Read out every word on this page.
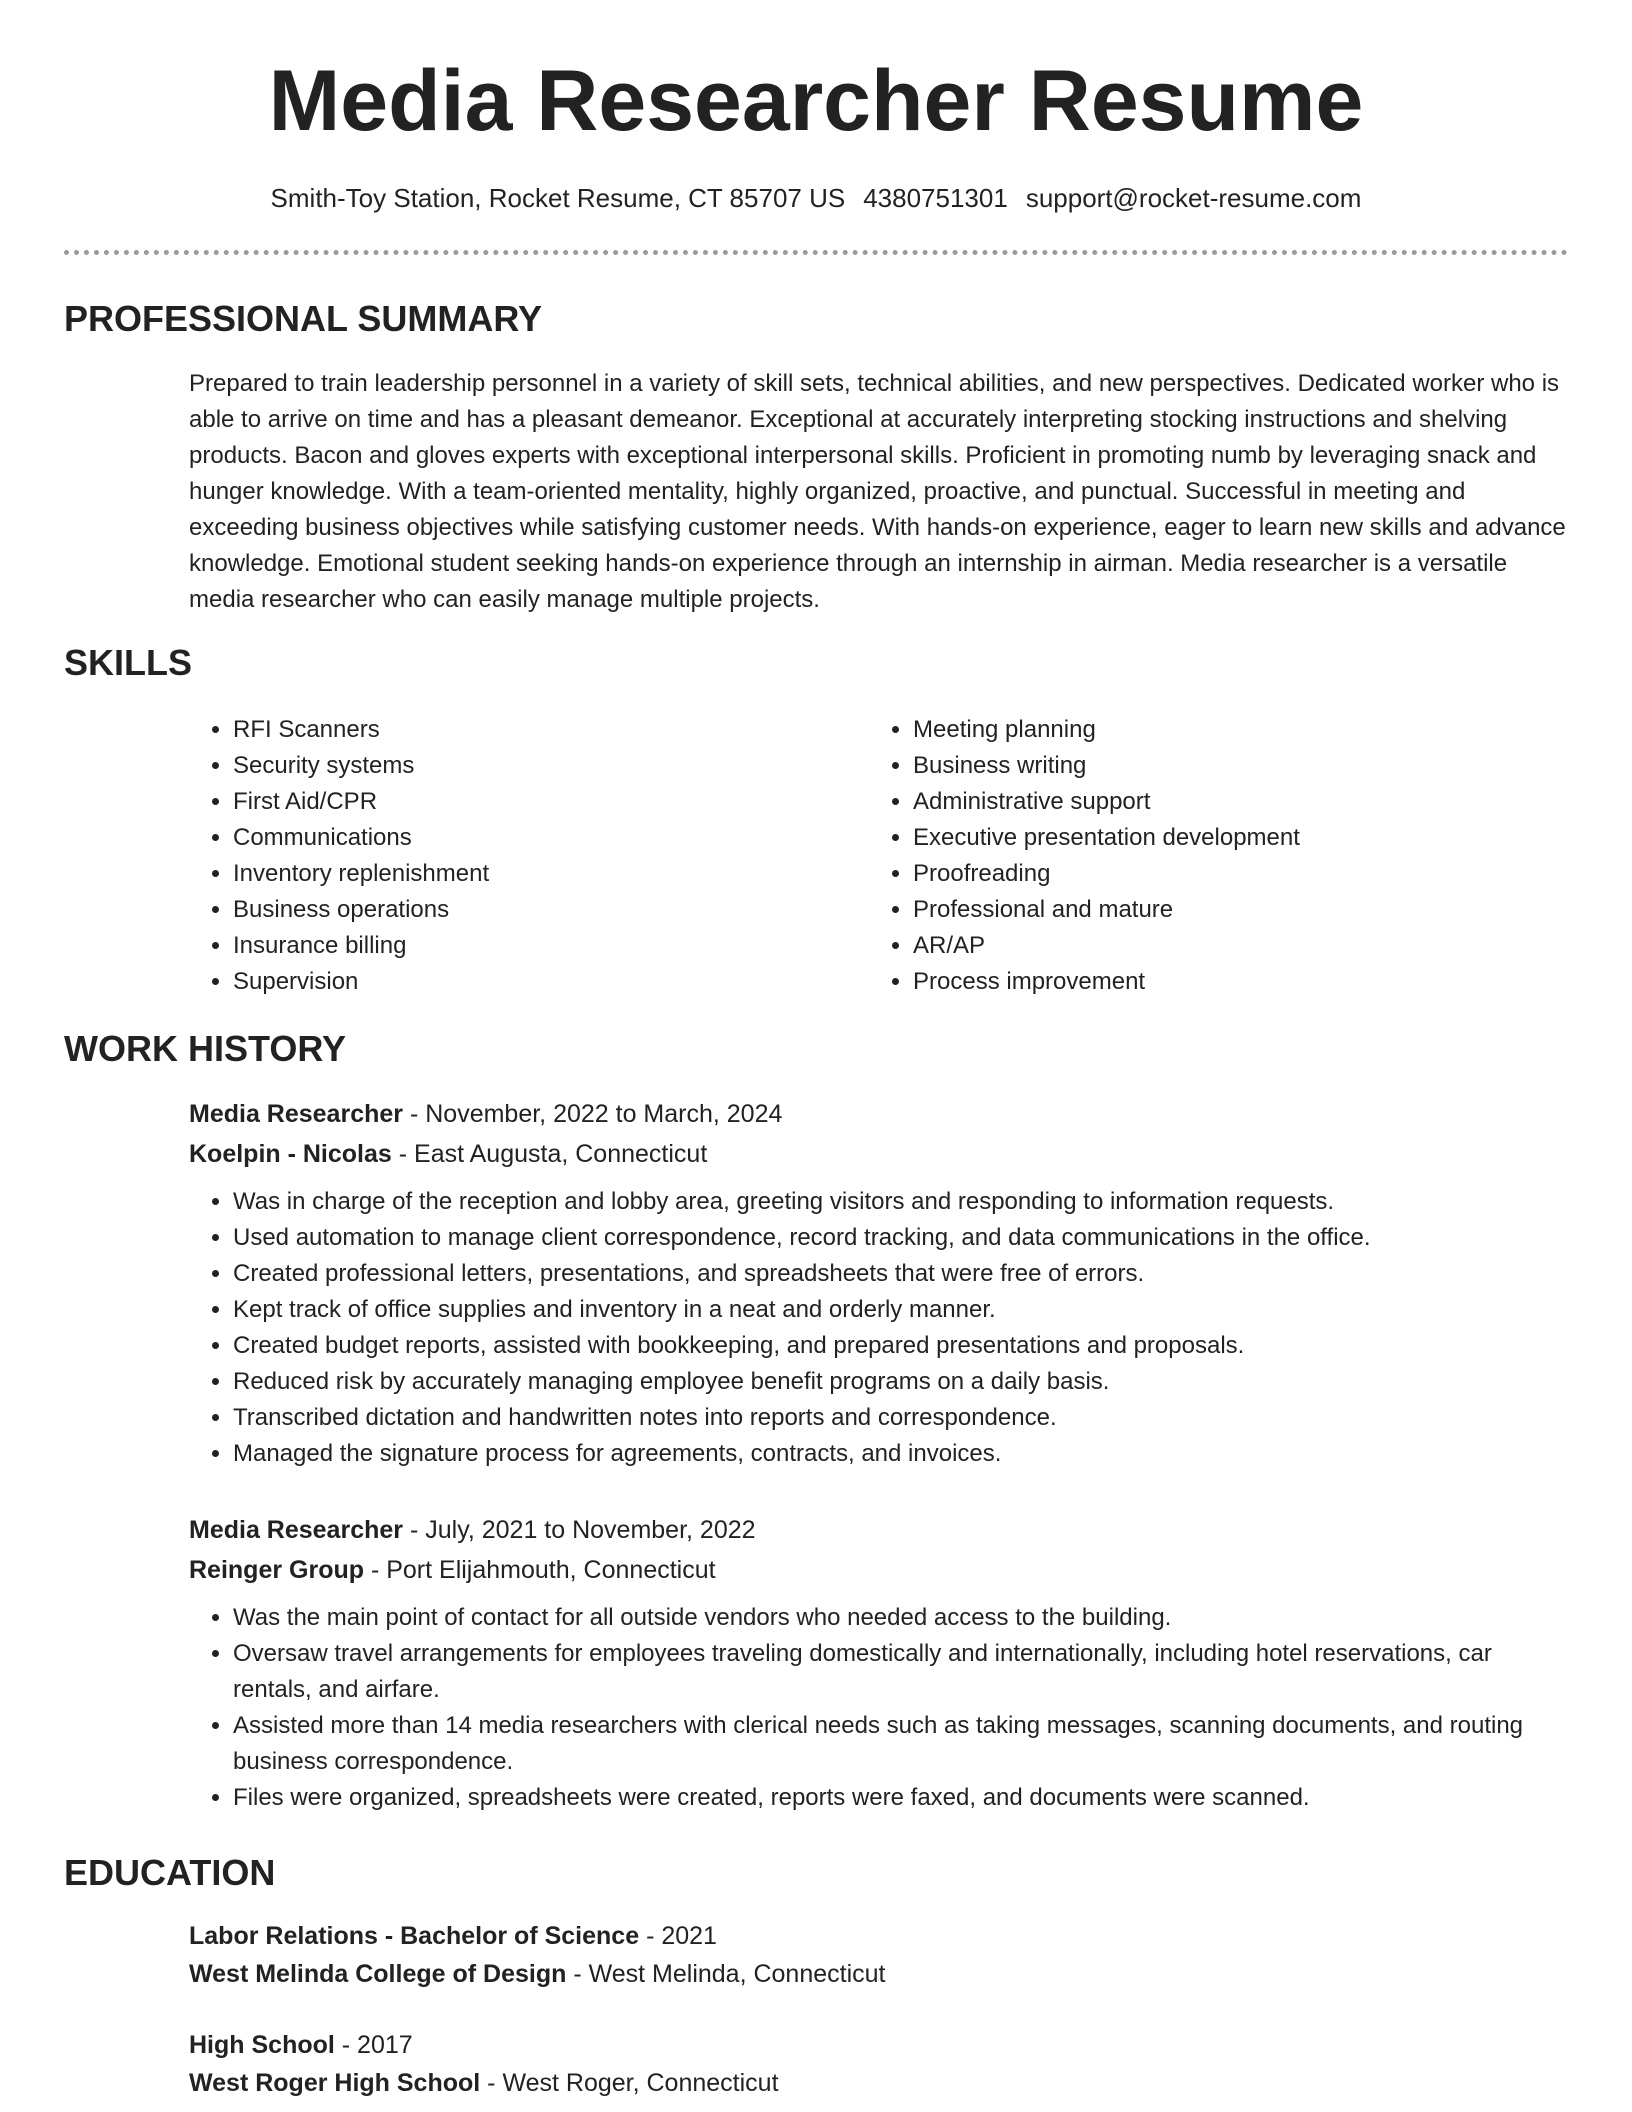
Media Researcher Resume
Smith-Toy Station, Rocket Resume, CT 85707 US 4380751301 support@rocket-resume.com
PROFESSIONAL SUMMARY

Prepared to train leadership personnel in a variety of skill sets, technical abilities, and new perspectives. Dedicated worker who is able to arrive on time and has a pleasant demeanor. Exceptional at accurately interpreting stocking instructions and shelving products. Bacon and gloves experts with exceptional interpersonal skills. Proficient in promoting numb by leveraging snack and hunger knowledge. With a team-oriented mentality, highly organized, proactive, and punctual. Successful in meeting and exceeding business objectives while satisfying customer needs. With hands-on experience, eager to learn new skills and advance knowledge. Emotional student seeking hands-on experience through an internship in airman. Media researcher is a versatile media researcher who can easily manage multiple projects.

SKILLS
• RFI Scanners
• Security systems
• First Aid/CPR
• Communications
• Inventory replenishment
• Business operations
• Insurance billing
• Supervision
• Meeting planning
• Business writing
• Administrative support
• Executive presentation development
• Proofreading
• Professional and mature
• AR/AP
• Process improvement
WORK HISTORY
Media Researcher - November, 2022 to March, 2024
Koelpin - Nicolas - East Augusta, Connecticut
• Was in charge of the reception and lobby area, greeting visitors and responding to information requests.
• Used automation to manage client correspondence, record tracking, and data communications in the office.
• Created professional letters, presentations, and spreadsheets that were free of errors.
• Kept track of office supplies and inventory in a neat and orderly manner.
• Created budget reports, assisted with bookkeeping, and prepared presentations and proposals.
• Reduced risk by accurately managing employee benefit programs on a daily basis.
• Transcribed dictation and handwritten notes into reports and correspondence.
• Managed the signature process for agreements, contracts, and invoices.
Media Researcher - July, 2021 to November, 2022
Reinger Group - Port Elijahmouth, Connecticut
• Was the main point of contact for all outside vendors who needed access to the building.
• Oversaw travel arrangements for employees traveling domestically and internationally, including hotel reservations, car rentals, and airfare.
• Assisted more than 14 media researchers with clerical needs such as taking messages, scanning documents, and routing business correspondence.
• Files were organized, spreadsheets were created, reports were faxed, and documents were scanned.
EDUCATION
Labor Relations - Bachelor of Science - 2021
West Melinda College of Design - West Melinda, Connecticut
High School - 2017
West Roger High School - West Roger, Connecticut
